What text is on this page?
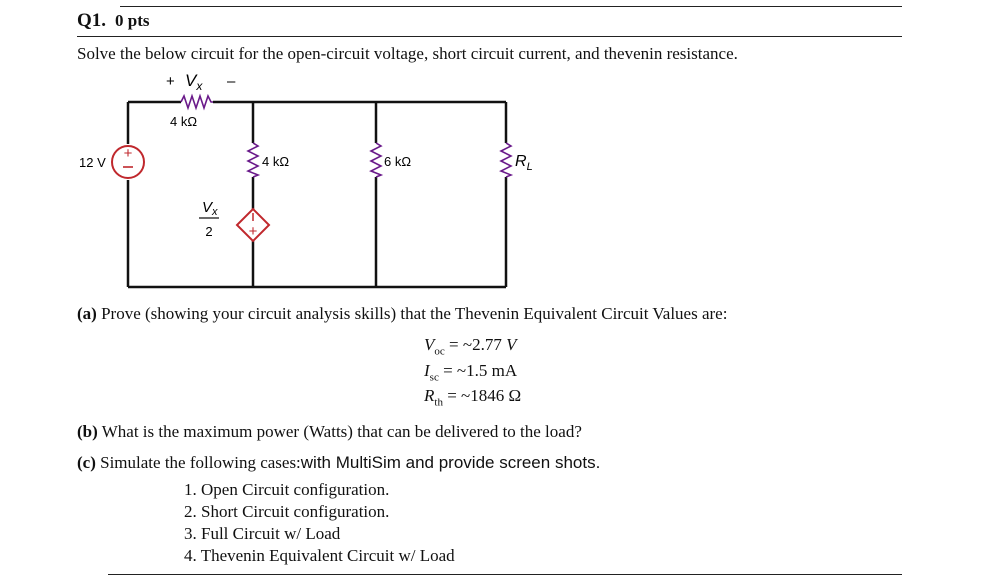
Q1. 0 pts
Solve the below circuit for the open-circuit voltage, short circuit current, and thevenin resistance.
+
+
+ $V_x$ –
4 kΩ
12 V	4 kΩ	6 kΩ	$R_L$
$V_x$
2
(a) Prove (showing your circuit analysis skills) that the Thevenin Equivalent Circuit Values are:
$V_{oc}$ = ~2.77 V
$I_{sc}$ = ~1.5 mA
$R_{th}$ = ~1846 Ω
(b) What is the maximum power (Watts) that can be delivered to the load?
(c) Simulate the following cases:with MultiSim and provide screen shots.
1. Open Circuit configuration.
2. Short Circuit configuration.
3. Full Circuit w/ Load
4. Thevenin Equivalent Circuit w/ Load
